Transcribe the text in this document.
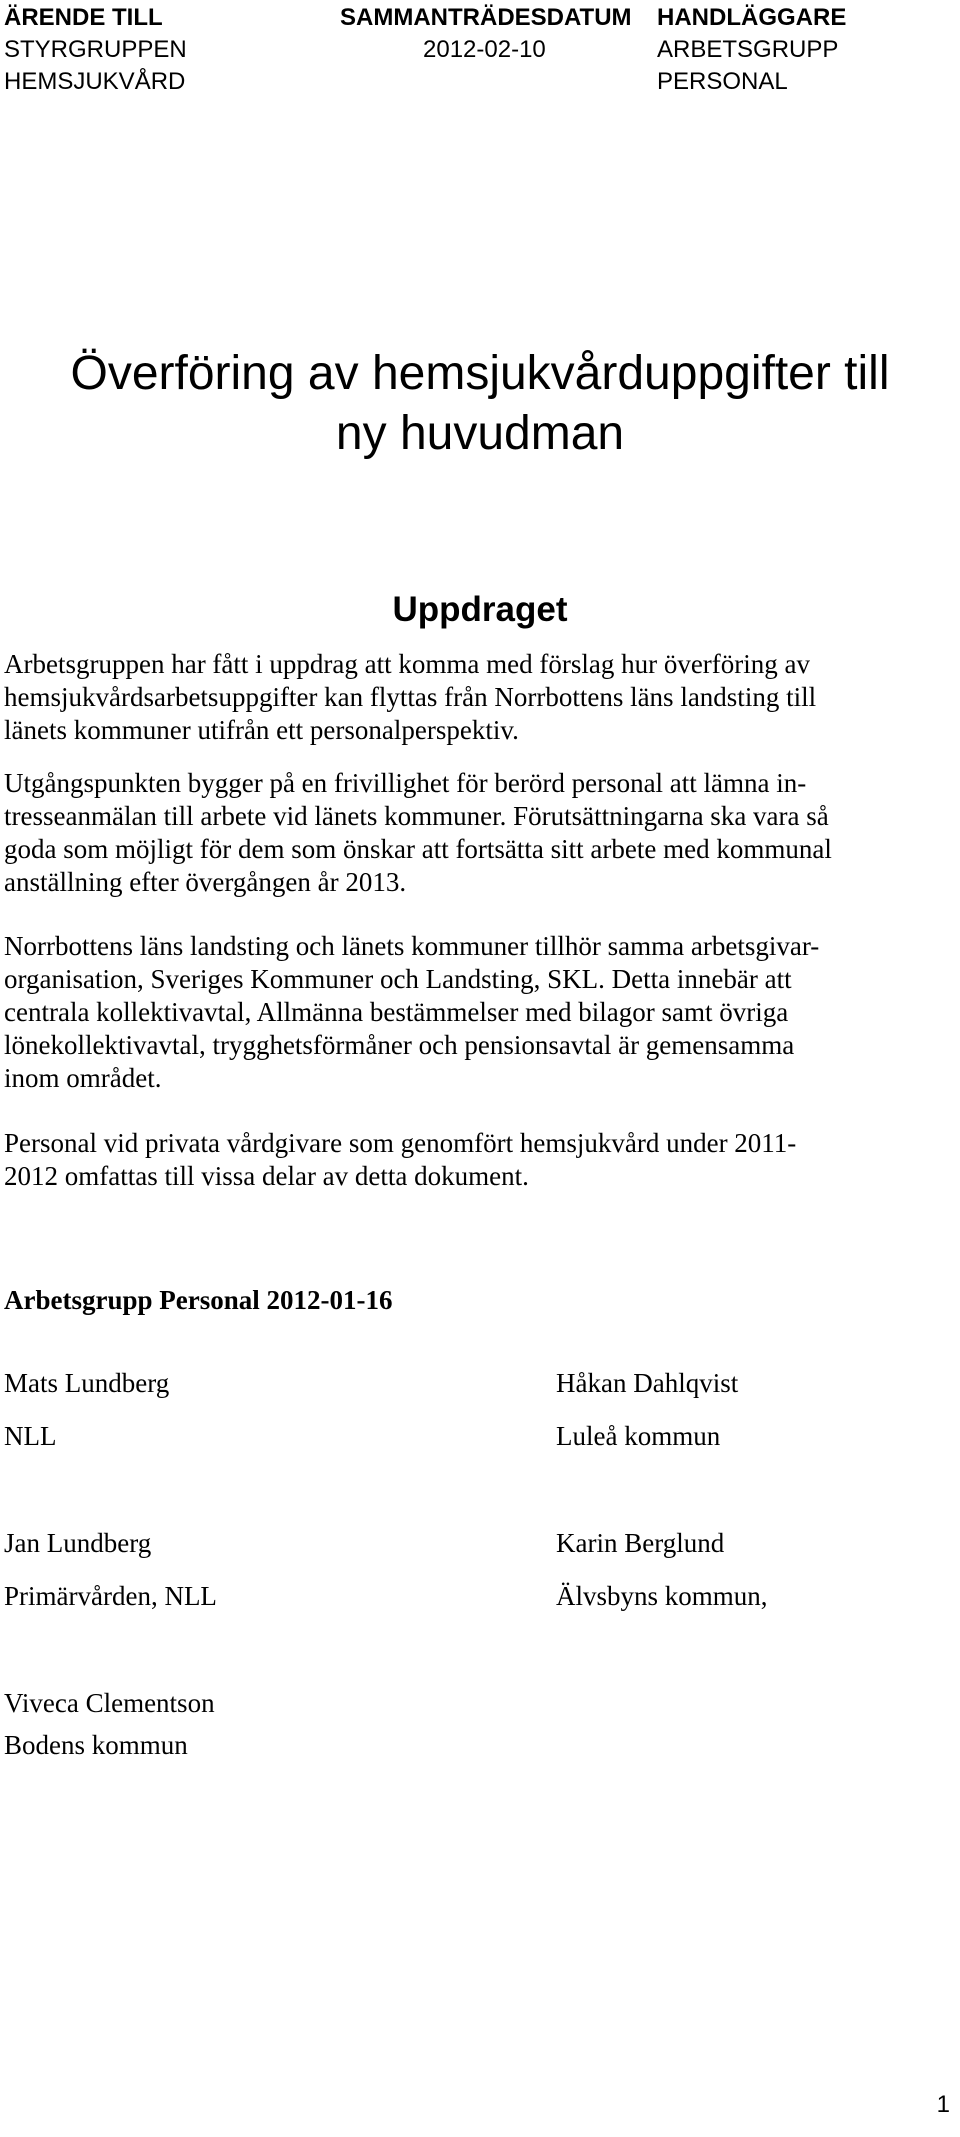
ÄRENDE TILL
STYRGRUPPEN
HEMSJUKVÅRD
SAMMANTRÄDESDATUM
2012-02-10
HANDLÄGGARE
ARBETSGRUPP
PERSONAL
Överföring av hemsjukvårduppgifter till
ny huvudman
Uppdraget

Arbetsgruppen har fått i uppdrag att komma med förslag hur överföring av
hemsjukvårdsarbetsuppgifter kan flyttas från Norrbottens läns landsting till
länets kommuner utifrån ett personalperspektiv.

Utgångspunkten bygger på en frivillighet för berörd personal att lämna in-
tresseanmälan till arbete vid länets kommuner. Förutsättningarna ska vara så
goda som möjligt för dem som önskar att fortsätta sitt arbete med kommunal
anställning efter övergången år 2013.

Norrbottens läns landsting och länets kommuner tillhör samma arbetsgivar-
organisation, Sveriges Kommuner och Landsting, SKL. Detta innebär att
centrala kollektivavtal, Allmänna bestämmelser med bilagor samt övriga
lönekollektivavtal, trygghetsförmåner och pensionsavtal är gemensamma
inom området.

Personal vid privata vårdgivare som genomfört hemsjukvård under 2011-
2012 omfattas till vissa delar av detta dokument.

Arbetsgrupp Personal 2012-01-16
Mats Lundberg
NLL
Håkan Dahlqvist
Luleå kommun
Jan Lundberg
Primärvården, NLL
Karin Berglund
Älvsbyns kommun,
Viveca Clementson
Bodens kommun
1
